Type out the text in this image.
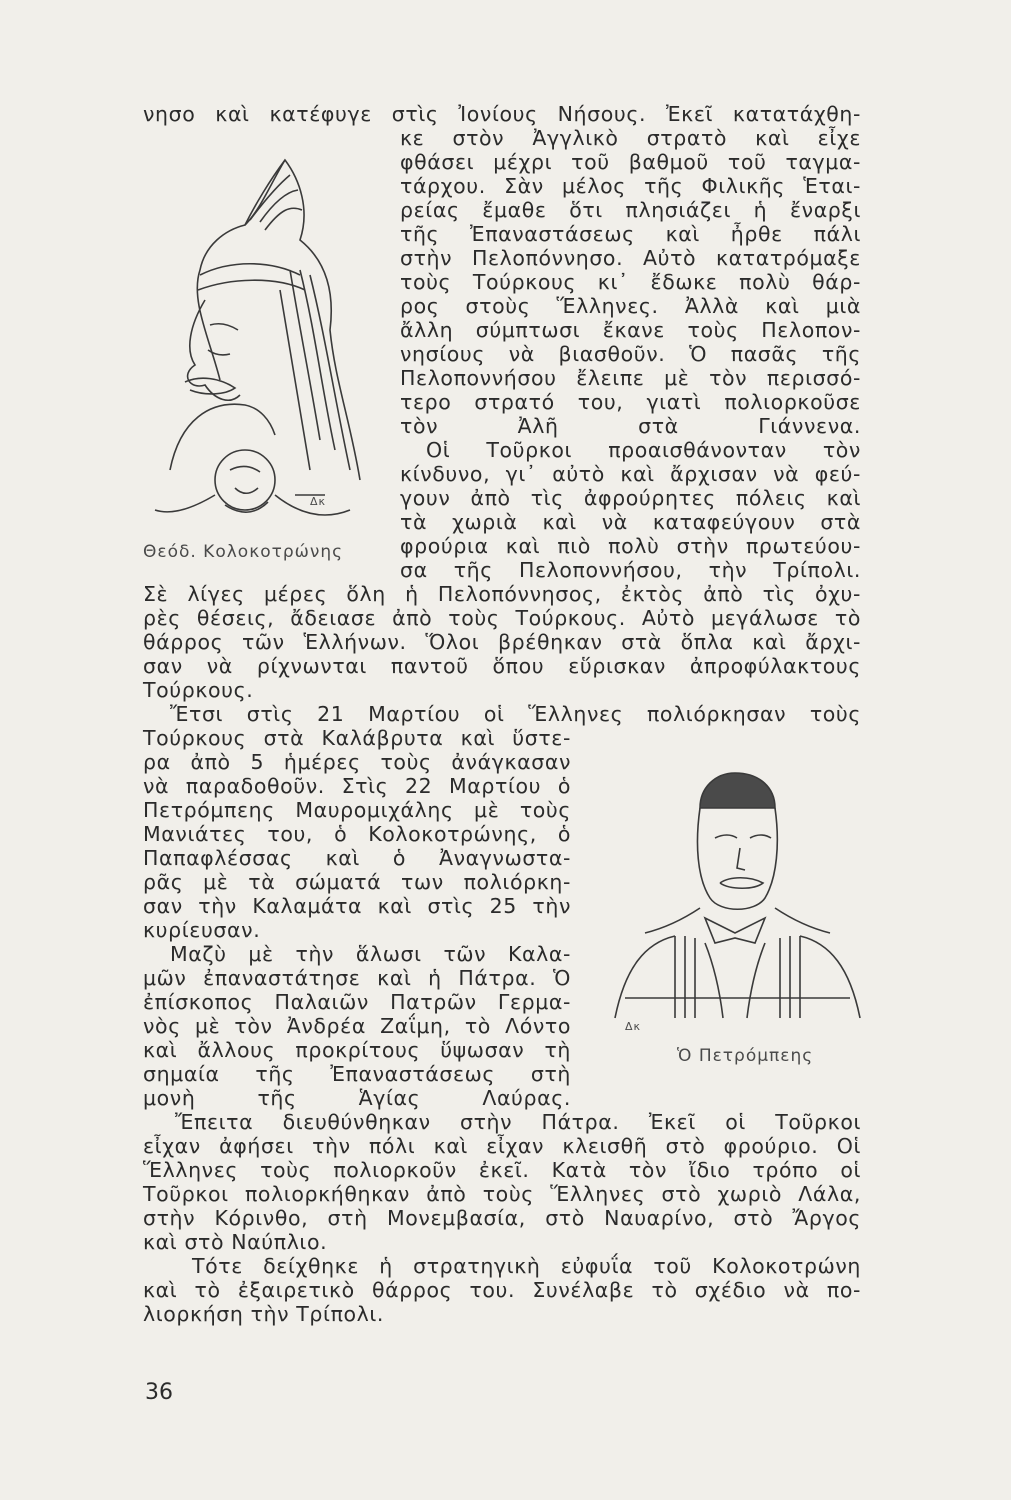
Δκ
Θεόδ. Κολοκοτρώνης
Δκ
Ὁ Πετρόμπεης
νησο καὶ κατέφυγε στὶς Ἰονίους Νήσους. Ἐκεῖ κατατάχθη-
κε στὸν Ἀγγλικὸ στρατὸ καὶ εἶχε
φθάσει μέχρι τοῦ βαθμοῦ τοῦ ταγμα-
τάρχου. Σὰν μέλος τῆς Φιλικῆς Ἑται-
ρείας ἔμαθε ὅτι πλησιάζει ἡ ἔναρξι
τῆς Ἐπαναστάσεως καὶ ἦρθε πάλι
στὴν Πελοπόννησο. Αὐτὸ κατατρόμαξε
τοὺς Τούρκους κι᾿ ἔδωκε πολὺ θάρ-
ρος στοὺς Ἕλληνες. Ἀλλὰ καὶ μιὰ
ἄλλη σύμπτωσι ἔκανε τοὺς Πελοπον-
νησίους νὰ βιασθοῦν. Ὁ πασᾶς τῆς
Πελοποννήσου ἔλειπε μὲ τὸν περισσό-
τερο στρατό του, γιατὶ πολιορκοῦσε
τὸν Ἀλῆ στὰ Γιάννενα.
Οἱ Τοῦρκοι προαισθάνονταν τὸν
κίνδυνο, γι᾿ αὐτὸ καὶ ἄρχισαν νὰ φεύ-
γουν ἀπὸ τὶς ἀφρούρητες πόλεις καὶ
τὰ χωριὰ καὶ νὰ καταφεύγουν στὰ
φρούρια καὶ πιὸ πολὺ στὴν πρωτεύου-
σα τῆς Πελοποννήσου, τὴν Τρίπολι.
Σὲ λίγες μέρες ὅλη ἡ Πελοπόννησος, ἐκτὸς ἀπὸ τὶς ὀχυ-
ρὲς θέσεις, ἄδειασε ἀπὸ τοὺς Τούρκους. Αὐτὸ μεγάλωσε τὸ
θάρρος τῶν Ἑλλήνων. Ὅλοι βρέθηκαν στὰ ὅπλα καὶ ἄρχι-
σαν νὰ ρίχνωνται παντοῦ ὅπου εὕρισκαν ἀπροφύλακτους
Τούρκους.
Ἔτσι στὶς 21 Μαρτίου οἱ Ἕλληνες πολιόρκησαν τοὺς
Τούρκους στὰ Καλάβρυτα καὶ ὕστε-
ρα ἀπὸ 5 ἡμέρες τοὺς ἀνάγκασαν
νὰ παραδοθοῦν. Στὶς 22 Μαρτίου ὁ
Πετρόμπεης Μαυρομιχάλης μὲ τοὺς
Μανιάτες του, ὁ Κολοκοτρώνης, ὁ
Παπαφλέσσας καὶ ὁ Ἀναγνωστα-
ρᾶς μὲ τὰ σώματά των πολιόρκη-
σαν τὴν Καλαμάτα καὶ στὶς 25 τὴν
κυρίευσαν.
Μαζὺ μὲ τὴν ἅλωσι τῶν Καλα-
μῶν ἐπαναστάτησε καὶ ἡ Πάτρα. Ὁ
ἐπίσκοπος Παλαιῶν Πατρῶν Γερμα-
νὸς μὲ τὸν Ἀνδρέα Ζαΐμη, τὸ Λόντο
καὶ ἄλλους προκρίτους ὕψωσαν τὴ
σημαία τῆς Ἐπαναστάσεως στὴ
μονὴ τῆς Ἁγίας Λαύρας.
Ἔπειτα διευθύνθηκαν στὴν Πάτρα. Ἐκεῖ οἱ Τοῦρκοι
εἶχαν ἀφήσει τὴν πόλι καὶ εἶχαν κλεισθῆ στὸ φρούριο. Οἱ
Ἕλληνες τοὺς πολιορκοῦν ἐκεῖ. Κατὰ τὸν ἴδιο τρόπο οἱ
Τοῦρκοι πολιορκήθηκαν ἀπὸ τοὺς Ἕλληνες στὸ χωριὸ Λάλα,
στὴν Κόρινθο, στὴ Μονεμβασία, στὸ Ναυαρίνο, στὸ Ἄργος
καὶ στὸ Ναύπλιο.
Τότε δείχθηκε ἡ στρατηγικὴ εὐφυΐα τοῦ Κολοκοτρώνη
καὶ τὸ ἐξαιρετικὸ θάρρος του. Συνέλαβε τὸ σχέδιο νὰ πο-
λιορκήση τὴν Τρίπολι.
36
